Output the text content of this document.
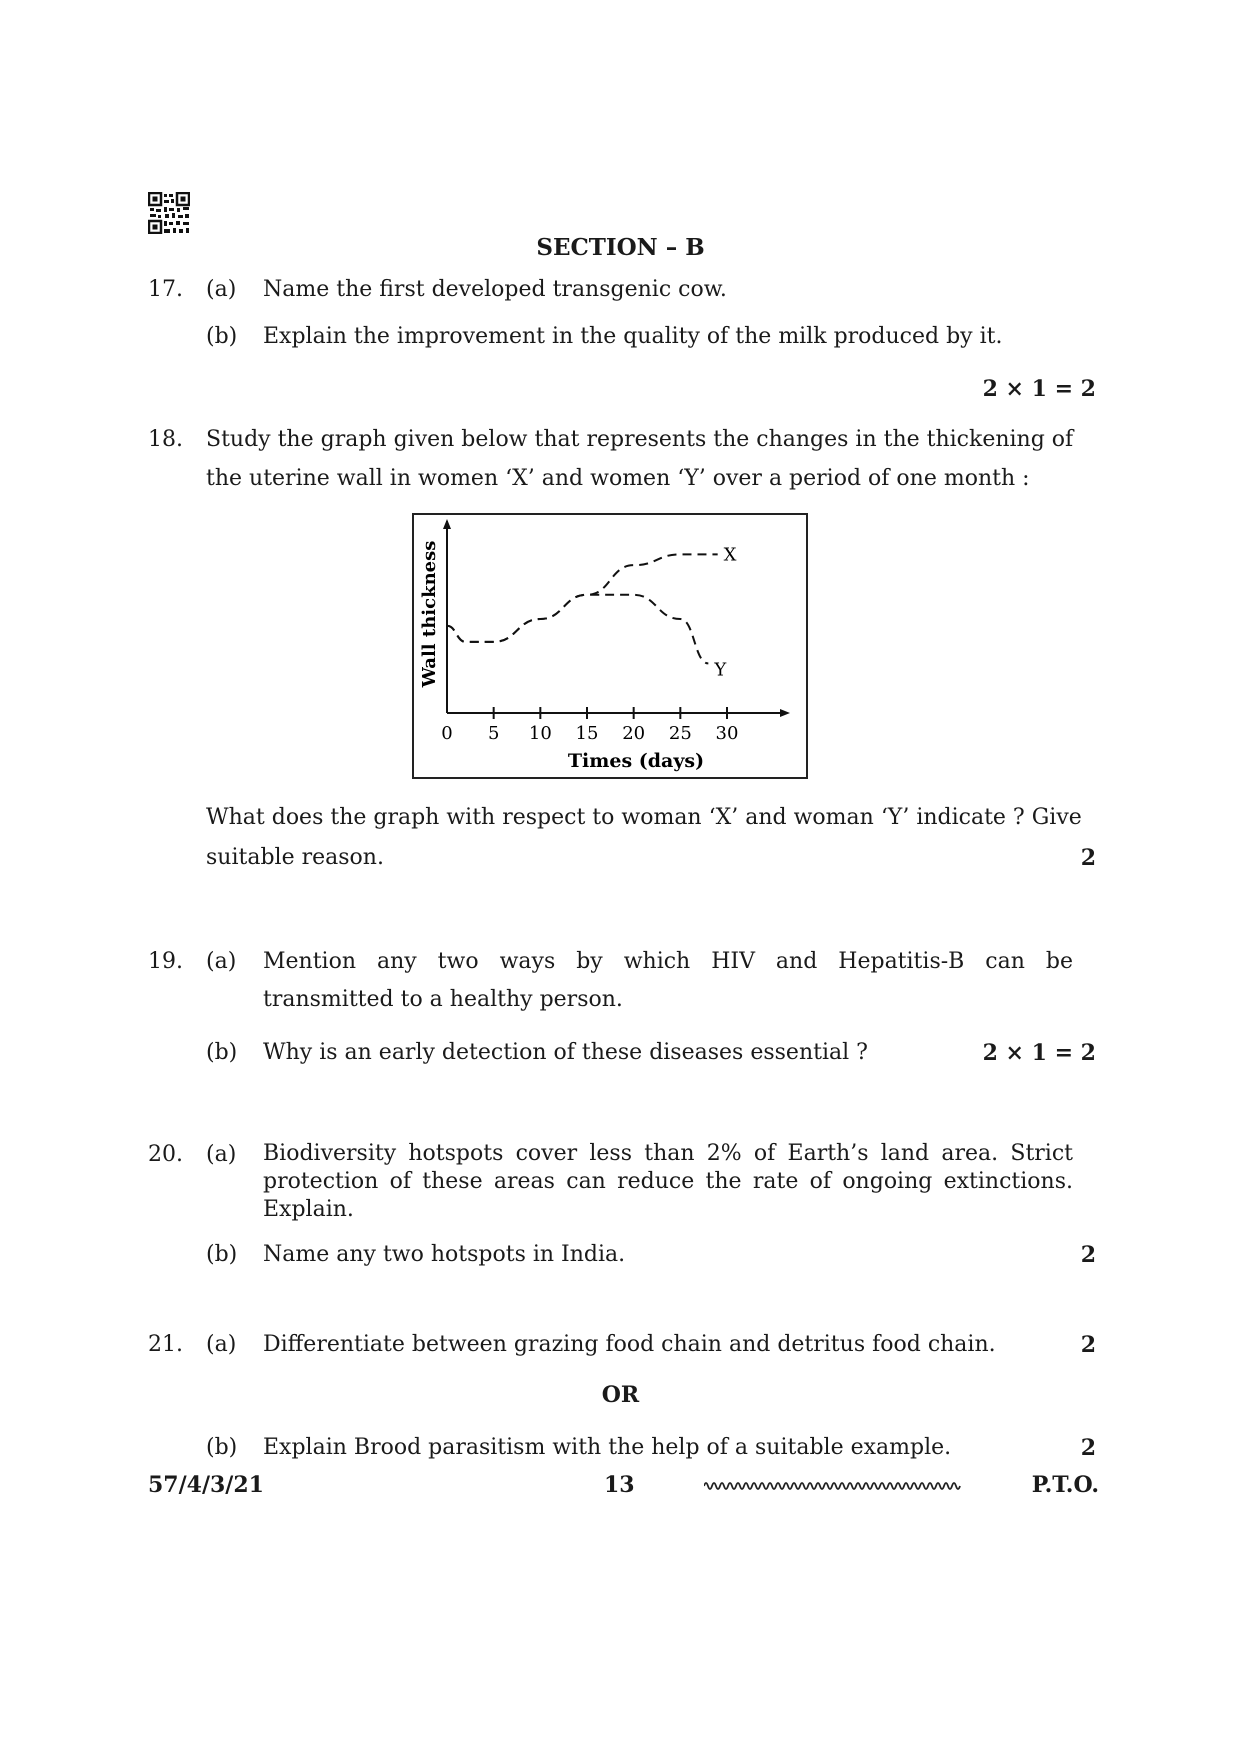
SECTION – B
17. (a) Name the first developed transgenic cow.
(b) Explain the improvement in the quality of the milk produced by it.
2 × 1 = 2
18. Study the graph given below that represents the changes in the thickening of
the uterine wall in women ‘X’ and women ‘Y’ over a period of one month :
Wall thickness
Times (days)
0 5 10 15 20 25 30
X
Y
What does the graph with respect to woman ‘X’ and woman ‘Y’ indicate ? Give
suitable reason.	2
19. (a) Mention any two ways by which HIV and Hepatitis-B can be
transmitted to a healthy person.
(b) Why is an early detection of these diseases essential ?	2 × 1 = 2
20. (a) Biodiversity hotspots cover less than 2% of Earth’s land area. Strict
protection of these areas can reduce the rate of ongoing extinctions.
Explain.
(b) Name any two hotspots in India.	2
21. (a) Differentiate between grazing food chain and detritus food chain.	2
OR
(b) Explain Brood parasitism with the help of a suitable example.	2
57/4/3/21	13	P.T.O.
